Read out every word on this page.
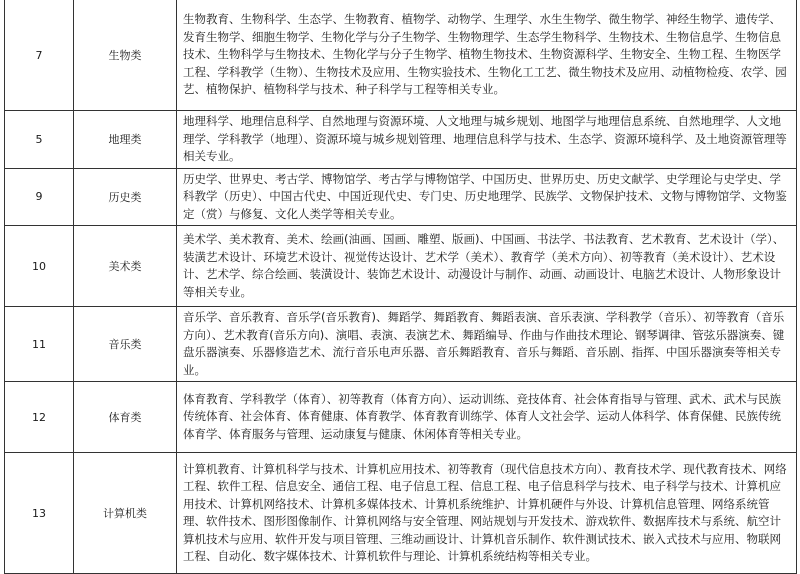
7	生物类	生物教育、生物科学、生态学、生物教育、植物学、动物学、生理学、水生生物学、微生物学、神经生物学、遗传学、发育生物学、细胞生物学、生物化学与分子生物学、生物物理学、生态学生物科学、生物技术、生物信息学、生物信息技术、生物科学与生物技术、生物化学与分子生物学、植物生物技术、生物资源科学、生物安全、生物工程、生物医学工程、学科教学（生物）、生物技术及应用、生物实验技术、生物化工工艺、微生物技术及应用、动植物检疫、农学、园艺、植物保护、植物科学与技术、种子科学与工程等相关专业。
5	地理类	地理科学、地理信息科学、自然地理与资源环境、人文地理与城乡规划、地图学与地理信息系统、自然地理学、人文地理学、学科教学（地理）、资源环境与城乡规划管理、地理信息科学与技术、生态学、资源环境科学、及土地资源管理等相关专业。
9	历史类	历史学、世界史、考古学、博物馆学、考古学与博物馆学、中国历史、世界历史、历史文献学、史学理论与史学史、学科教学（历史）、中国古代史、中国近现代史、专门史、历史地理学、民族学、文物保护技术、文物与博物馆学、文物鉴定（赏）与修复、文化人类学等相关专业。
10	美术类	美术学、美术教育、美术、绘画(油画、国画、雕塑、版画)、中国画、书法学、书法教育、艺术教育、艺术设计（学）、装潢艺术设计、环境艺术设计、视觉传达设计、艺术学（美术）、教育学（美术方向）、初等教育（美术设计）、艺术设计、艺术学、综合绘画、装潢设计、装饰艺术设计、动漫设计与制作、动画、动画设计、电脑艺术设计、人物形象设计等相关专业。
11	音乐类	音乐学、音乐教育、音乐学(音乐教育)、舞蹈学、舞蹈教育、舞蹈表演、音乐表演、学科教学（音乐）、初等教育（音乐方向）、艺术教育(音乐方向)、演唱、表演、表演艺术、舞蹈编导、作曲与作曲技术理论、钢琴调律、管弦乐器演奏、键盘乐器演奏、乐器修造艺术、流行音乐电声乐器、音乐舞蹈教育、音乐与舞蹈、音乐剧、指挥、中国乐器演奏等相关专业。
12	体育类	体育教育、学科教学（体育）、初等教育（体育方向）、运动训练、竞技体育、社会体育指导与管理、武术、武术与民族传统体育、社会体育、体育健康、体育教学、体育教育训练学、体育人文社会学、运动人体科学、体育保健、民族传统体育学、体育服务与管理、运动康复与健康、休闲体育等相关专业。
13	计算机类	计算机教育、计算机科学与技术、计算机应用技术、初等教育（现代信息技术方向）、教育技术学、现代教育技术、网络工程、软件工程、信息安全、通信工程、电子信息工程、信息工程、电子信息科学与技术、电子科学与技术、计算机应用技术、计算机网络技术、计算机多媒体技术、计算机系统维护、计算机硬件与外设、计算机信息管理、网络系统管理、软件技术、图形图像制作、计算机网络与安全管理、网站规划与开发技术、游戏软件、数据库技术与系统、航空计算机技术与应用、软件开发与项目管理、三维动画设计、计算机音乐制作、软件测试技术、嵌入式技术与应用、物联网工程、自动化、数字媒体技术、计算机软件与理论、计算机系统结构等相关专业。
